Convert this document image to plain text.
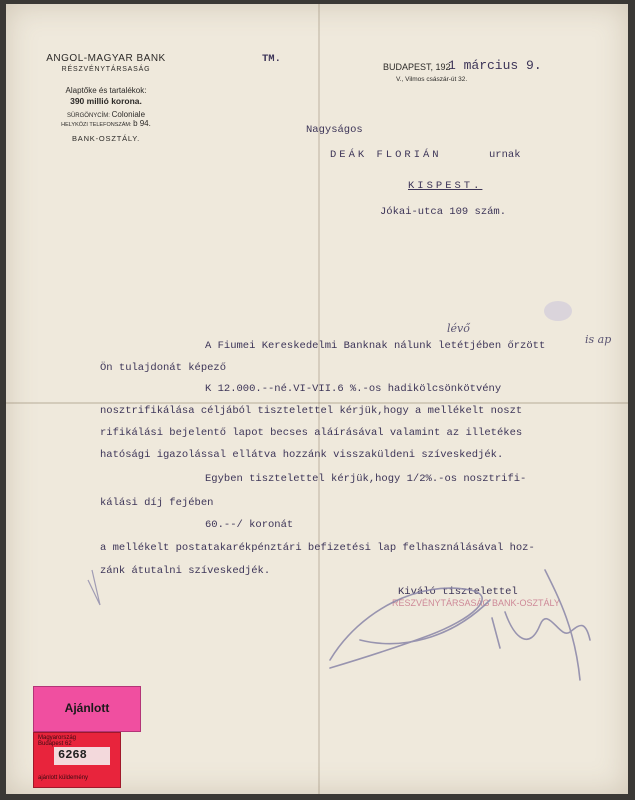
ANGOL-MAGYAR BANK
RÉSZVÉNYTÁRSASÁG
Alaptőke és tartalékok:
390 millió korona.
SÜRGÖNYCÍM: Coloniale
HELYKÖZI TELEFONSZÁM: b 94.
BANK-OSZTÁLY.
TM.
BUDAPEST, 192
1 március 9.
V., Vilmos császár-út 32.
Nagyságos
DEÁK FLORIÁN	urnak
KISPEST.
Jókai-utca 109 szám.
A Fiumei Kereskedelmi Banknak nálunk letétjében őrzött
Ön tulajdonát képező
K 12.000.--né.VI-VII.6 %.-os hadikölcsönkötvény
nosztrifikálása céljából tisztelettel kérjük,hogy a mellékelt noszt
rifikálási bejelentő lapot becses aláírásával valamint az illetékes
hatósági igazolással ellátva hozzánk visszaküldeni szíveskedjék.
Egyben tisztelettel kérjük,hogy 1/2%.-os nosztrifi-
kálási díj fejében
60.--/ koronát
a mellékelt postatakarékpénztári befizetési lap felhasználásával hoz-
zánk átutalni szíveskedjék.
Kiváló tisztelettel
lévő
is ap
RÉSZVÉNYTÁRSASÁG BANK-OSZTÁLY
Ajánlott
Magyarország
Budapest 62
6268
ajánlott küldemény
